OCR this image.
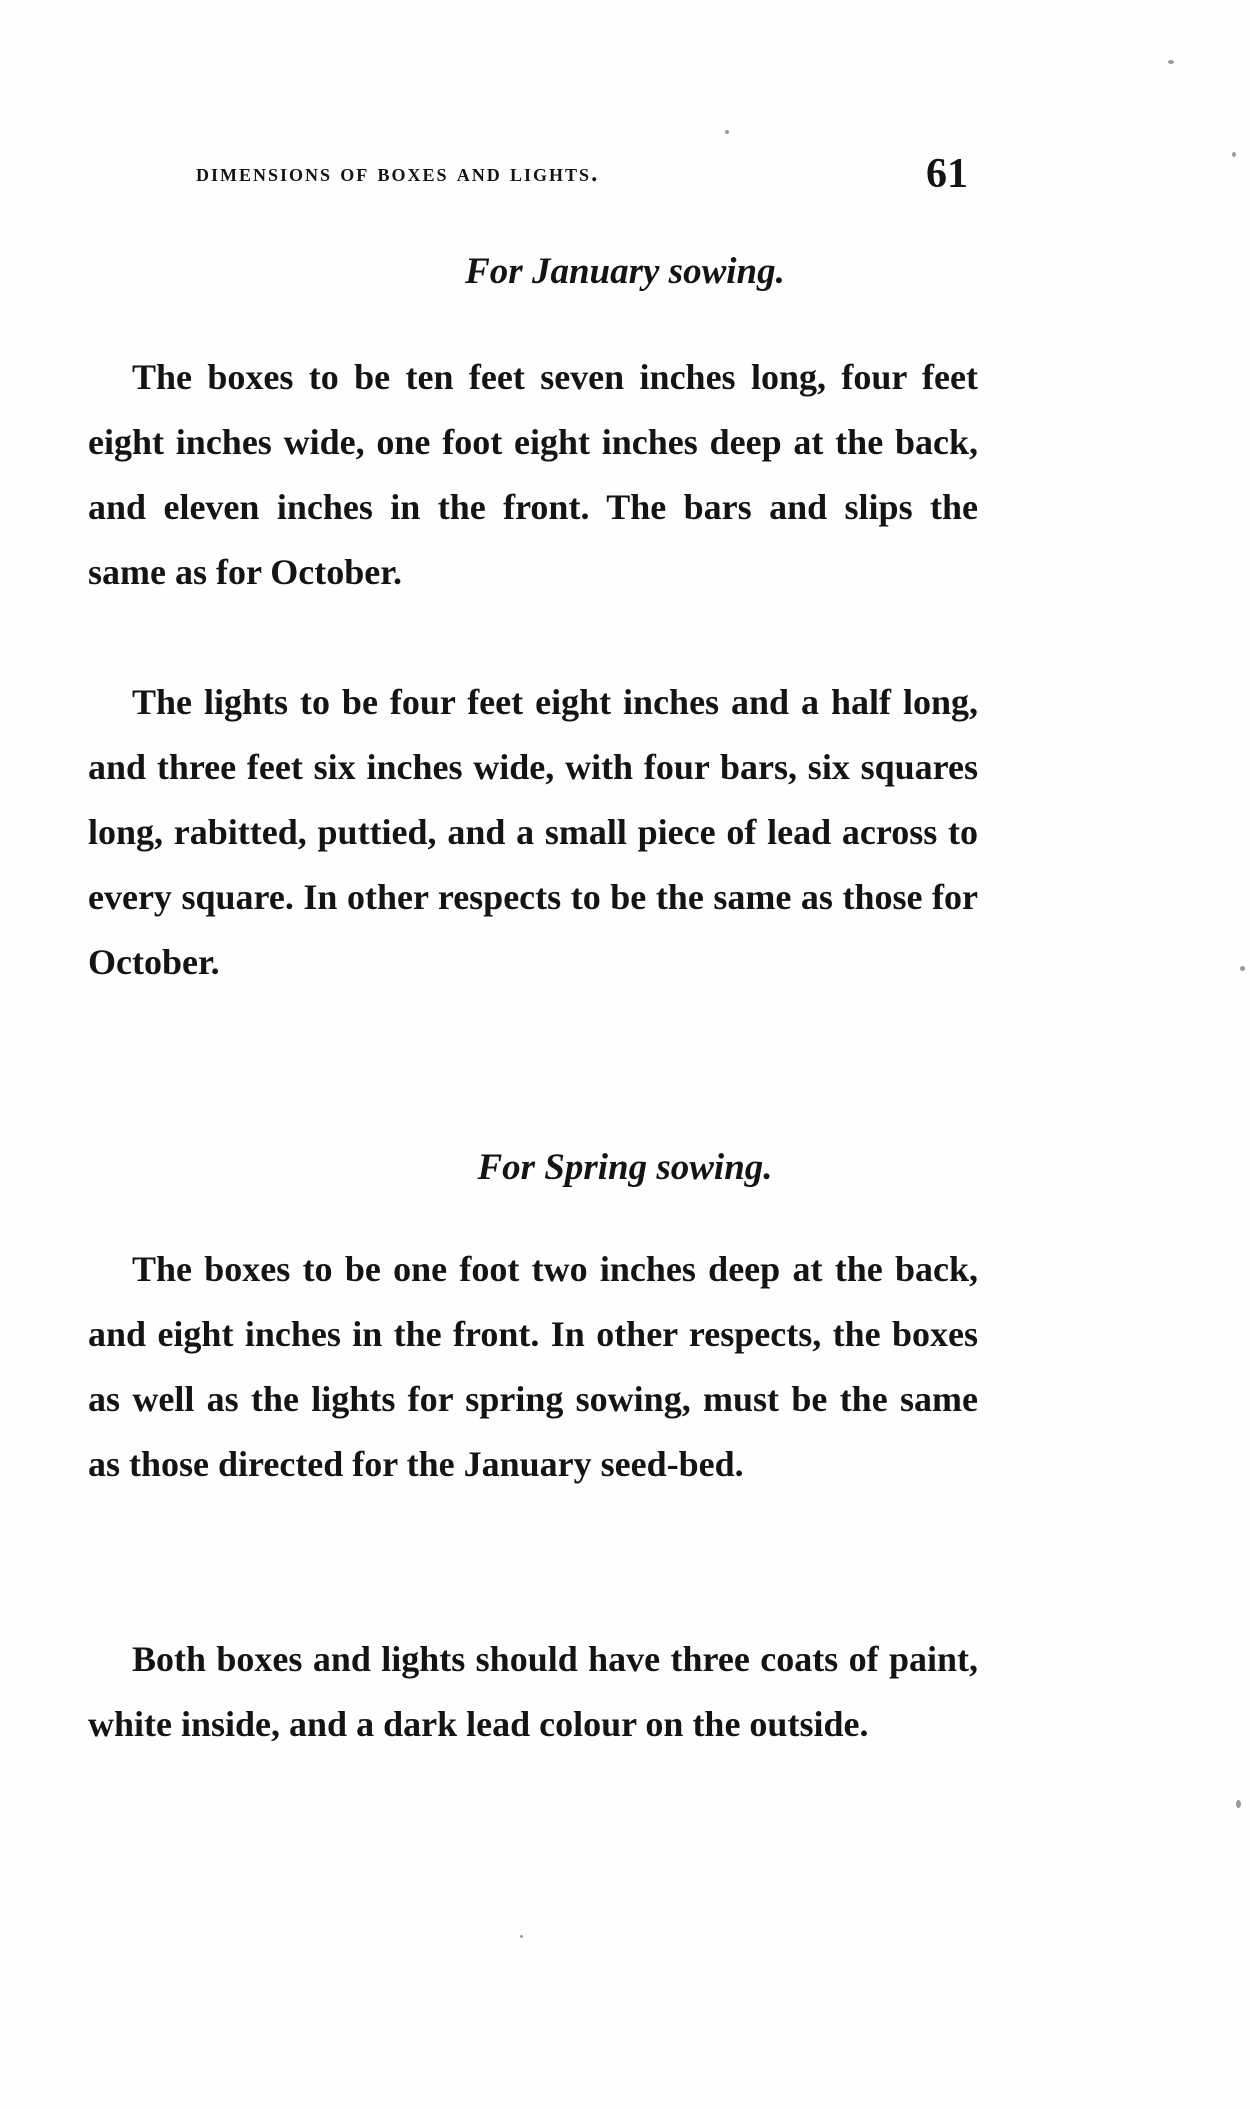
dimensions of boxes and lights.	61
For January sowing.

The boxes to be ten feet seven inches long, four feet eight inches wide, one foot eight inches deep at the back, and eleven inches in the front. The bars and slips the same as for October.

The lights to be four feet eight inches and a half long, and three feet six inches wide, with four bars, six squares long, rabitted, puttied, and a small piece of lead across to every square. In other respects to be the same as those for October.

For Spring sowing.

The boxes to be one foot two inches deep at the back, and eight inches in the front. In other respects, the boxes as well as the lights for spring sowing, must be the same as those directed for the January seed-bed.

Both boxes and lights should have three coats of paint, white inside, and a dark lead colour on the outside.
